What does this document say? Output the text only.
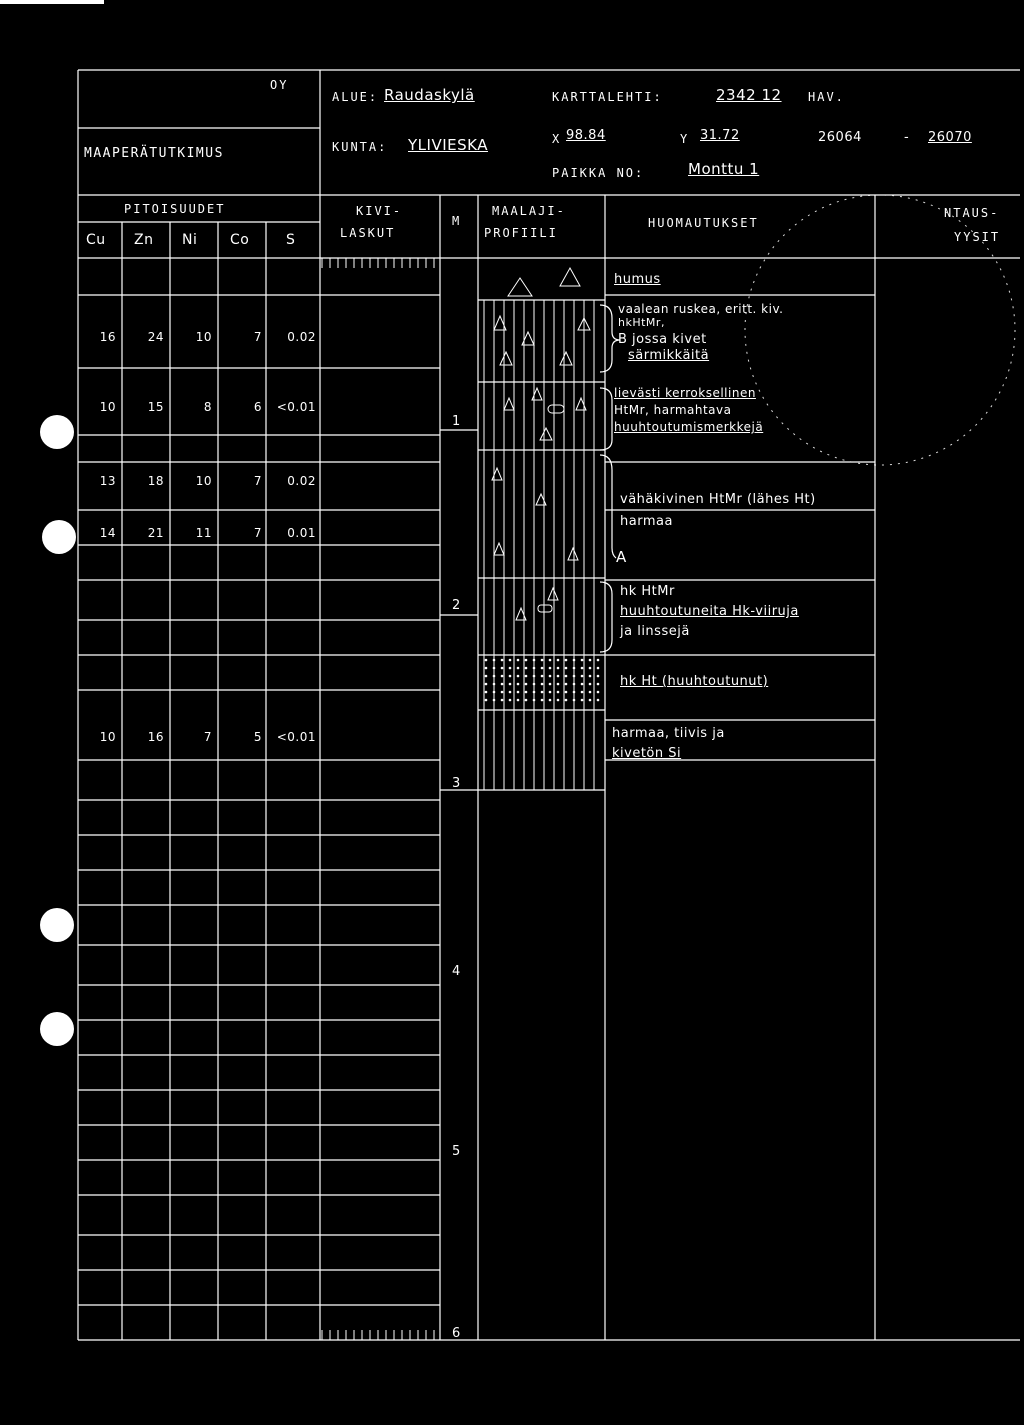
OY
MAAPERÄTUTKIMUS
ALUE: Raudaskylä	KARTTALEHTI:	2342 12 HAV.
KUNTA: YLIVIESKA	X 98.84	Y 31.72	26064	- 26070
PAIKKA NO:	Monttu 1
PITOISUUDET
Cu Zn Ni Co	S
KIVI-
LASKUT
M
MAALAJI-
PROFIILI
HUOMAUTUKSET
NTAUS-
YYSIT
16	24	10	7 0.02
10	15	8	6 <0.01
13	18	10	7 0.02
14	21	11	7 0.01
10	16	7	5 <0.01
1
2
3
4
5
6
humus
vaalean ruskea, eritt. kiv.
hkHtMr,
B jossa kivet
särmikkäitä
lievästi kerroksellinen
HtMr, harmahtava
huuhtoutumismerkkejä
vähäkivinen HtMr (lähes Ht)
harmaa
A
hk HtMr
huuhtoutuneita Hk-viiruja
ja linssejä
hk Ht (huuhtoutunut)
harmaa, tiivis ja
kivetön Si
